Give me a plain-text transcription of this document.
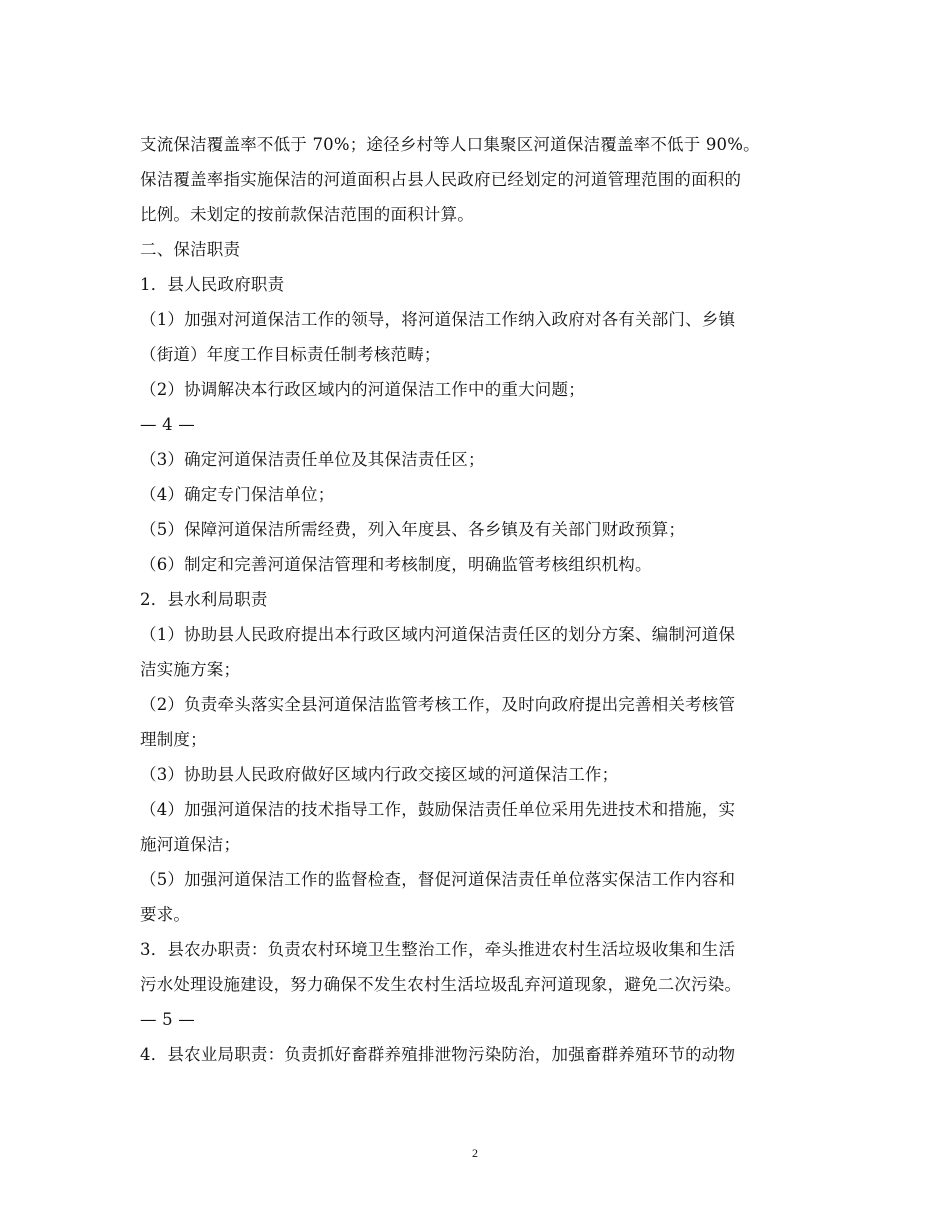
支流保洁覆盖率不低于 70%；途径乡村等人口集聚区河道保洁覆盖率不低于 90%。
保洁覆盖率指实施保洁的河道面积占县人民政府已经划定的河道管理范围的面积的
比例。未划定的按前款保洁范围的面积计算。
二、保洁职责
1．县人民政府职责
（1）加强对河道保洁工作的领导，将河道保洁工作纳入政府对各有关部门、乡镇
（街道）年度工作目标责任制考核范畴；
（2）协调解决本行政区域内的河道保洁工作中的重大问题；
— 4 —
（3）确定河道保洁责任单位及其保洁责任区；
（4）确定专门保洁单位；
（5）保障河道保洁所需经费，列入年度县、各乡镇及有关部门财政预算；
（6）制定和完善河道保洁管理和考核制度，明确监管考核组织机构。
2．县水利局职责
（1）协助县人民政府提出本行政区域内河道保洁责任区的划分方案、编制河道保
洁实施方案；
（2）负责牵头落实全县河道保洁监管考核工作，及时向政府提出完善相关考核管
理制度；
（3）协助县人民政府做好区域内行政交接区域的河道保洁工作；
（4）加强河道保洁的技术指导工作，鼓励保洁责任单位采用先进技术和措施，实
施河道保洁；
（5）加强河道保洁工作的监督检查，督促河道保洁责任单位落实保洁工作内容和
要求。
3．县农办职责：负责农村环境卫生整治工作，牵头推进农村生活垃圾收集和生活
污水处理设施建设，努力确保不发生农村生活垃圾乱弃河道现象，避免二次污染。
— 5 —
4．县农业局职责：负责抓好畜群养殖排泄物污染防治，加强畜群养殖环节的动物
2
